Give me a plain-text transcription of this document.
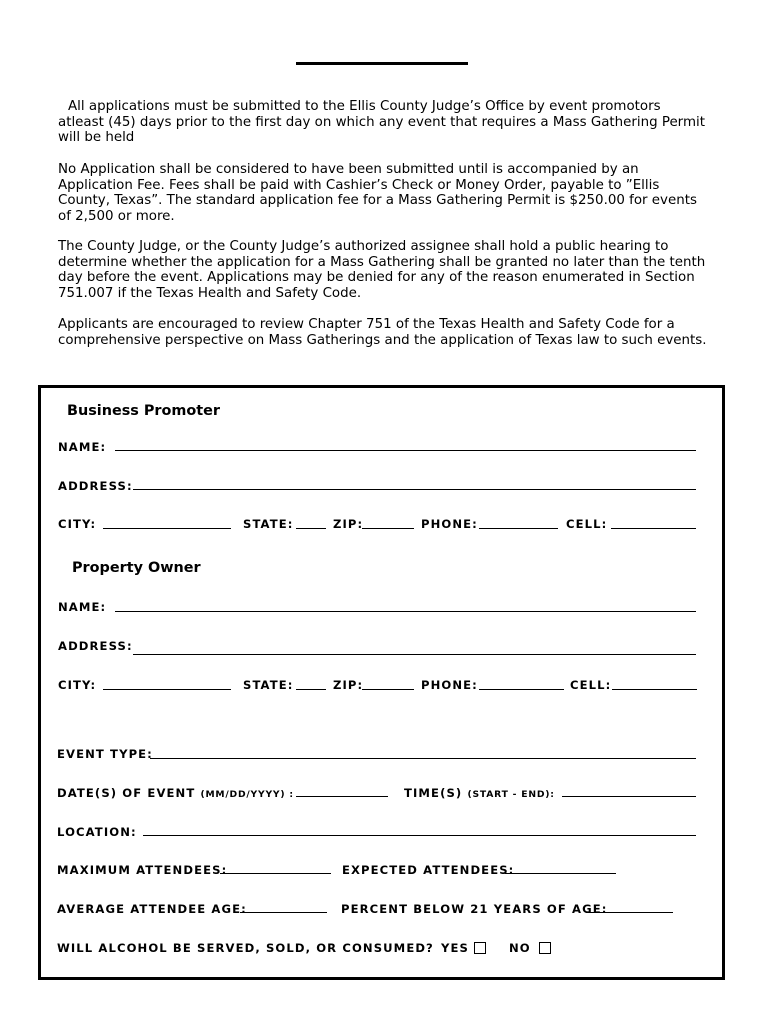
All applications must be submitted to the Ellis County Judge’s Office by event promotors atleast (45) days prior to the first day on which any event that requires a Mass Gathering Permit will be held

No Application shall be considered to have been submitted until is accompanied by an Application Fee. Fees shall be paid with Cashier’s Check or Money Order, payable to ”Ellis County, Texas”. The standard application fee for a Mass Gathering Permit is $250.00 for events of 2,500 or more.

The County Judge, or the County Judge’s authorized assignee shall hold a public hearing to determine whether the application for a Mass Gathering shall be granted no later than the tenth day before the event. Applications may be denied for any of the reason enumerated in Section 751.007 if the Texas Health and Safety Code.

Applicants are encouraged to review Chapter 751 of the Texas Health and Safety Code for a comprehensive perspective on Mass Gatherings and the application of Texas law to such events.

Business Promoter
NAME:
ADDRESS:
CITY:	STATE:	ZIP:	PHONE:	CELL:
Property Owner
NAME:
ADDRESS:
CITY:	STATE:	ZIP:	PHONE:	CELL:
EVENT TYPE:
DATE(S) OF EVENT (MM/DD/YYYY) :	TIME(S) (START - END):
LOCATION:
MAXIMUM ATTENDEES:	EXPECTED ATTENDEES:
AVERAGE ATTENDEE AGE:	PERCENT BELOW 21 YEARS OF AGE:
WILL ALCOHOL BE SERVED, SOLD, OR CONSUMED? YES	NO
